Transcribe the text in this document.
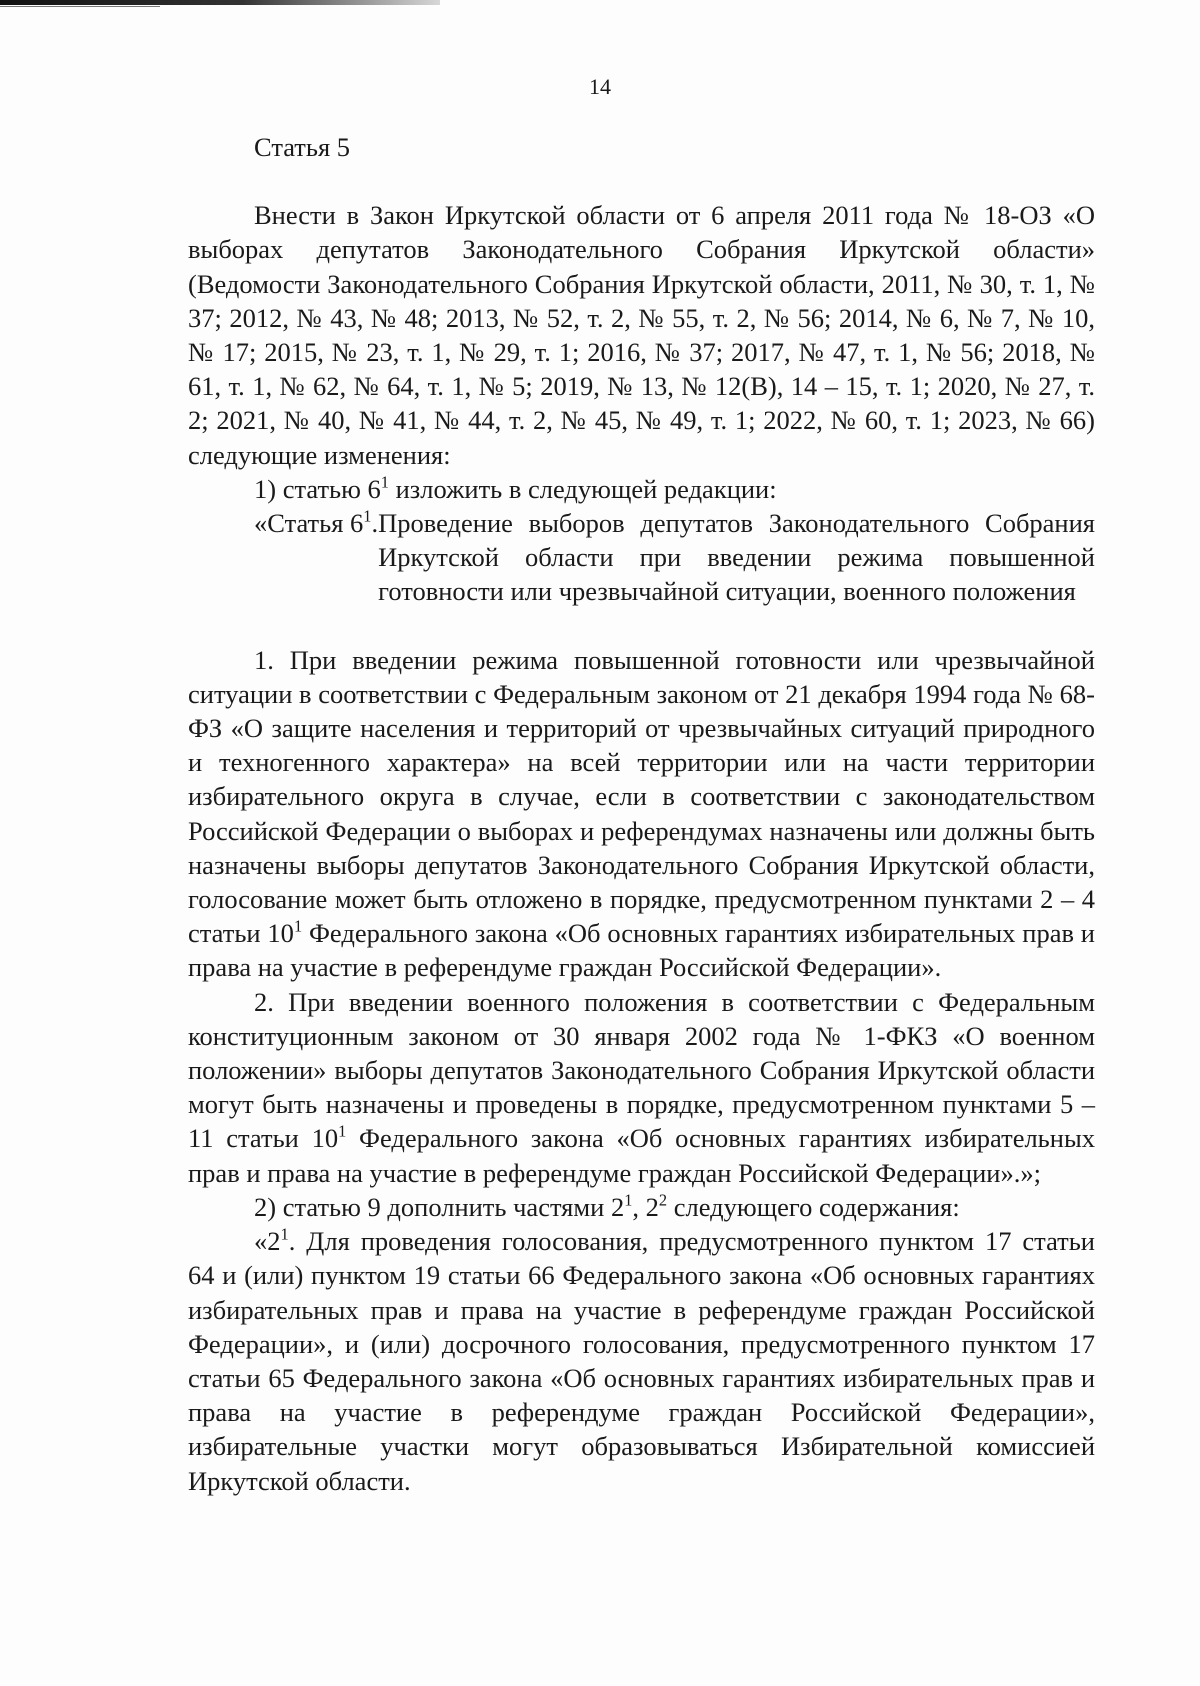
14

Статья 5

Внести в Закон Иркутской области от 6 апреля 2011 года № 18-ОЗ «О выборах депутатов Законодательного Собрания Иркутской области» (Ведомости Законодательного Собрания Иркутской области, 2011, № 30, т. 1, № 37; 2012, № 43, № 48; 2013, № 52, т. 2, № 55, т. 2, № 56; 2014, № 6, № 7, № 10, № 17; 2015, № 23, т. 1, № 29, т. 1; 2016, № 37; 2017, № 47, т. 1, № 56; 2018, № 61, т. 1, № 62, № 64, т. 1, № 5; 2019, № 13, № 12(В), 14 – 15, т. 1; 2020, № 27, т. 2; 2021, № 40, № 41, № 44, т. 2, № 45, № 49, т. 1; 2022, № 60, т. 1; 2023, № 66) следующие изменения:

1) статью $6^1$ изложить в следующей редакции:

«Статья $6^1$. Проведение выборов депутатов Законодательного Собрания Иркутской области при введении режима повышенной готовности или чрезвычайной ситуации, военного положения

1. При введении режима повышенной готовности или чрезвычайной ситуации в соответствии с Федеральным законом от 21 декабря 1994 года № 68-ФЗ «О защите населения и территорий от чрезвычайных ситуаций природного и техногенного характера» на всей территории или на части территории избирательного округа в случае, если в соответствии с законодательством Российской Федерации о выборах и референдумах назначены или должны быть назначены выборы депутатов Законодательного Собрания Иркутской области, голосование может быть отложено в порядке, предусмотренном пунктами 2 – 4 статьи $10^1$ Федерального закона «Об основных гарантиях избирательных прав и права на участие в референдуме граждан Российской Федерации».

2. При введении военного положения в соответствии с Федеральным конституционным законом от 30 января 2002 года № 1-ФКЗ «О военном положении» выборы депутатов Законодательного Собрания Иркутской области могут быть назначены и проведены в порядке, предусмотренном пунктами 5 – 11 статьи $10^1$ Федерального закона «Об основных гарантиях избирательных прав и права на участие в референдуме граждан Российской Федерации».»;

2) статью 9 дополнить частями $2^1$, $2^2$ следующего содержания:

«$2^1$. Для проведения голосования, предусмотренного пунктом 17 статьи 64 и (или) пунктом 19 статьи 66 Федерального закона «Об основных гарантиях избирательных прав и права на участие в референдуме граждан Российской Федерации», и (или) досрочного голосования, предусмотренного пунктом 17 статьи 65 Федерального закона «Об основных гарантиях избирательных прав и права на участие в референдуме граждан Российской Федерации», избирательные участки могут образовываться Избирательной комиссией Иркутской области.
